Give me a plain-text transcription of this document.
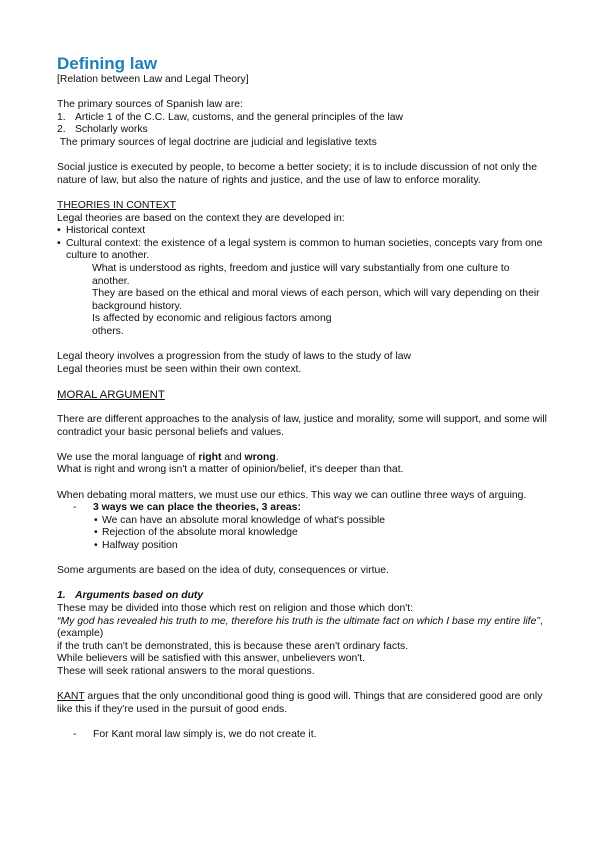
Defining law

[Relation between Law and Legal Theory]

The primary sources of Spanish law are:

1. Article 1 of the C.C. Law, customs, and the general principles of the law
2. Scholarly works

The primary sources of legal doctrine are judicial and legislative texts

Social justice is executed by people, to become a better society; it is to include discussion of not only the nature of law, but also the nature of rights and justice, and the use of law to enforce morality.

THEORIES IN CONTEXT

Legal theories are based on the context they are developed in:

• Historical context

• Cultural context: the existence of a legal system is common to human societies, concepts vary from one culture to another.

What is understood as rights, freedom and justice will vary substantially from one culture to another.

They are based on the ethical and moral views of each person, which will vary depending on their background history.

Is affected by economic and religious factors among

others.

Legal theory involves a progression from the study of laws to the study of law

Legal theories must be seen within their own context.

MORAL ARGUMENT

There are different approaches to the analysis of law, justice and morality, some will support, and some will contradict your basic personal beliefs and values.

We use the moral language of right and wrong.

What is right and wrong isn't a matter of opinion/belief, it's deeper than that.

When debating moral matters, we must use our ethics. This way we can outline three ways of arguing.

-	3 ways we can place the theories, 3 areas:

• We can have an absolute moral knowledge of what's possible

• Rejection of the absolute moral knowledge

• Halfway position

Some arguments are based on the idea of duty, consequences or virtue.

1. Arguments based on duty

These may be divided into those which rest on religion and those which don't:

“My god has revealed his truth to me, therefore his truth is the ultimate fact on which I base my entire life”, (example)

if the truth can't be demonstrated, this is because these aren't ordinary facts.

While believers will be satisfied with this answer, unbelievers won't.

These will seek rational answers to the moral questions.

KANT argues that the only unconditional good thing is good will. Things that are considered good are only like this if they're used in the pursuit of good ends.

-	For Kant moral law simply is, we do not create it.
